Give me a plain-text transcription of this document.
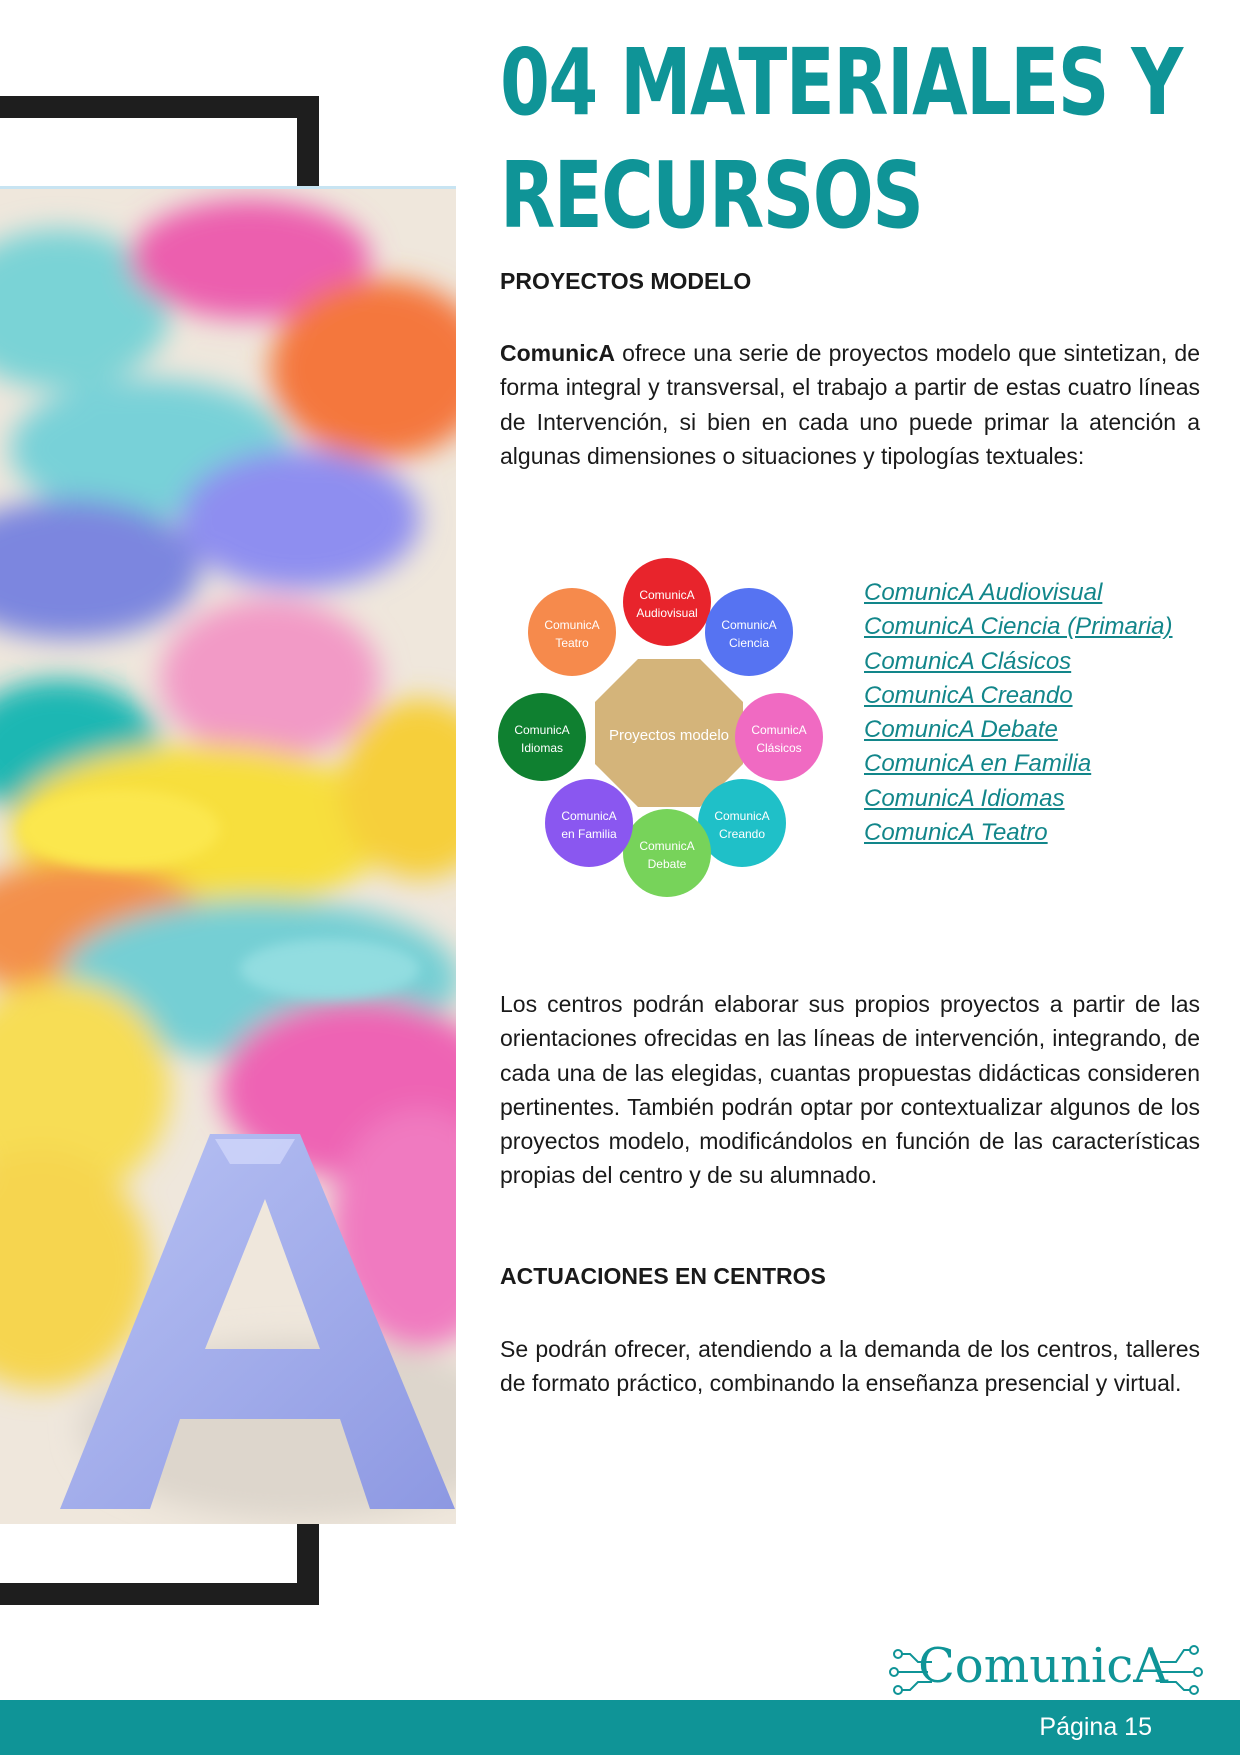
04 MATERIALES Y
RECURSOS
PROYECTOS MODELO

ComunicA ofrece una serie de proyectos modelo que sintetizan, de forma integral y transversal, el trabajo a partir de estas cuatro líneas de Intervención, si bien en cada uno puede primar la atención a algunas dimensiones o situaciones y tipologías textuales:

Proyectos modelo
ComunicA
Audiovisual
ComunicA
Ciencia
ComunicA
Clásicos
ComunicA
Creando
ComunicA
Debate
ComunicA
en Familia
ComunicA
Idiomas
ComunicA
Teatro
ComunicA Audiovisual
ComunicA Ciencia (Primaria)
ComunicA Clásicos
ComunicA Creando
ComunicA Debate
ComunicA en Familia
ComunicA Idiomas
ComunicA Teatro

Los centros podrán elaborar sus propios proyectos a partir de las orientaciones ofrecidas en las líneas de intervención, integrando, de cada una de las elegidas, cuantas propuestas didácticas consideren pertinentes. También podrán optar por contextualizar algunos de los proyectos modelo, modificándolos en función de las características propias del centro y de su alumnado.

ACTUACIONES EN CENTROS

Se podrán ofrecer, atendiendo a la demanda de los centros, talleres de formato práctico, combinando la enseñanza presencial y virtual.

ComunicA
Página 15
